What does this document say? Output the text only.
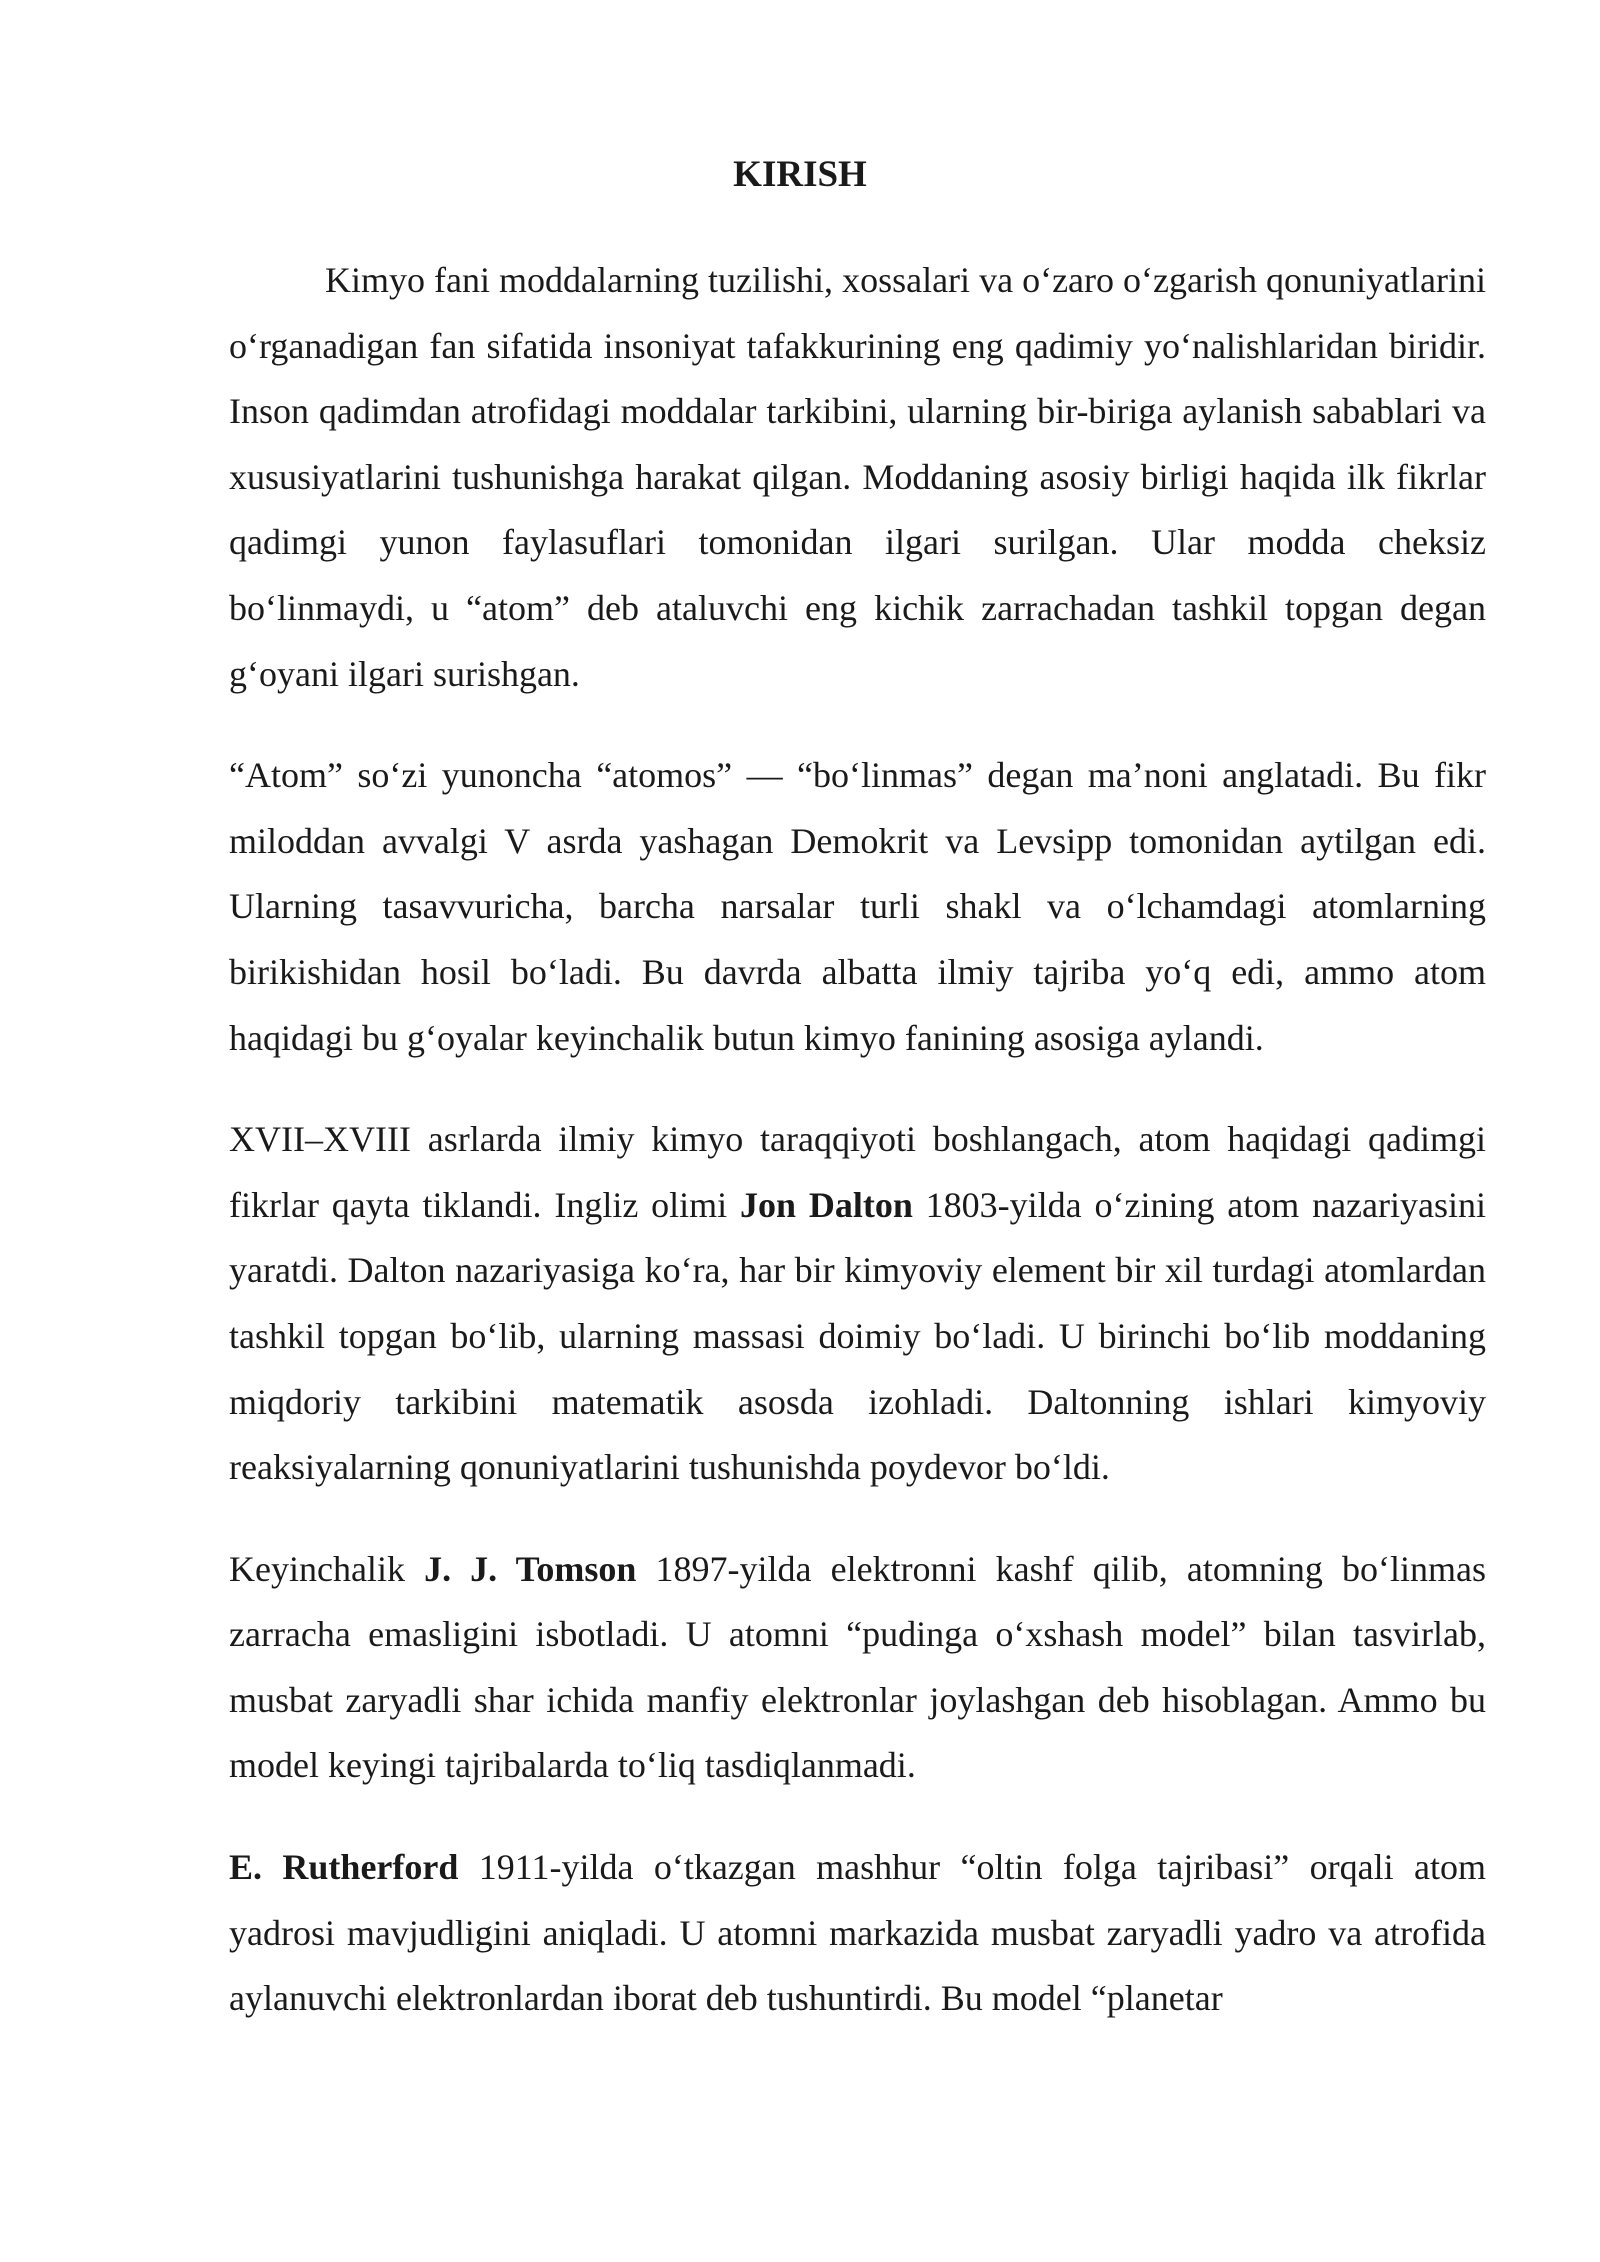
KIRISH

Kimyo fani moddalarning tuzilishi, xossalari va o‘zaro o‘zgarish qonuniyatlarini o‘rganadigan fan sifatida insoniyat tafakkurining eng qadimiy yo‘nalishlaridan biridir. Inson qadimdan atrofidagi moddalar tarkibini, ularning bir-biriga aylanish sabablari va xususiyatlarini tushunishga harakat qilgan. Moddaning asosiy birligi haqida ilk fikrlar qadimgi yunon faylasuflari tomonidan ilgari surilgan. Ular modda cheksiz bo‘linmaydi, u “atom” deb ataluvchi eng kichik zarrachadan tashkil topgan degan g‘oyani ilgari surishgan.

“Atom” so‘zi yunoncha “atomos” — “bo‘linmas” degan ma’noni anglatadi. Bu fikr miloddan avvalgi V asrda yashagan Demokrit va Levsipp tomonidan aytilgan edi. Ularning tasavvuricha, barcha narsalar turli shakl va o‘lchamdagi atomlarning birikishidan hosil bo‘ladi. Bu davrda albatta ilmiy tajriba yo‘q edi, ammo atom haqidagi bu g‘oyalar keyinchalik butun kimyo fanining asosiga aylandi.

XVII–XVIII asrlarda ilmiy kimyo taraqqiyoti boshlangach, atom haqidagi qadimgi fikrlar qayta tiklandi. Ingliz olimi Jon Dalton 1803-yilda o‘zining atom nazariyasini yaratdi. Dalton nazariyasiga ko‘ra, har bir kimyoviy element bir xil turdagi atomlardan tashkil topgan bo‘lib, ularning massasi doimiy bo‘ladi. U birinchi bo‘lib moddaning miqdoriy tarkibini matematik asosda izohladi. Daltonning ishlari kimyoviy reaksiyalarning qonuniyatlarini tushunishda poydevor bo‘ldi.

Keyinchalik J. J. Tomson 1897-yilda elektronni kashf qilib, atomning bo‘linmas zarracha emasligini isbotladi. U atomni “pudinga o‘xshash model” bilan tasvirlab, musbat zaryadli shar ichida manfiy elektronlar joylashgan deb hisoblagan. Ammo bu model keyingi tajribalarda to‘liq tasdiqlanmadi.

E. Rutherford 1911-yilda o‘tkazgan mashhur “oltin folga tajribasi” orqali atom yadrosi mavjudligini aniqladi. U atomni markazida musbat zaryadli yadro va atrofida aylanuvchi elektronlardan iborat deb tushuntirdi. Bu model “planetar
